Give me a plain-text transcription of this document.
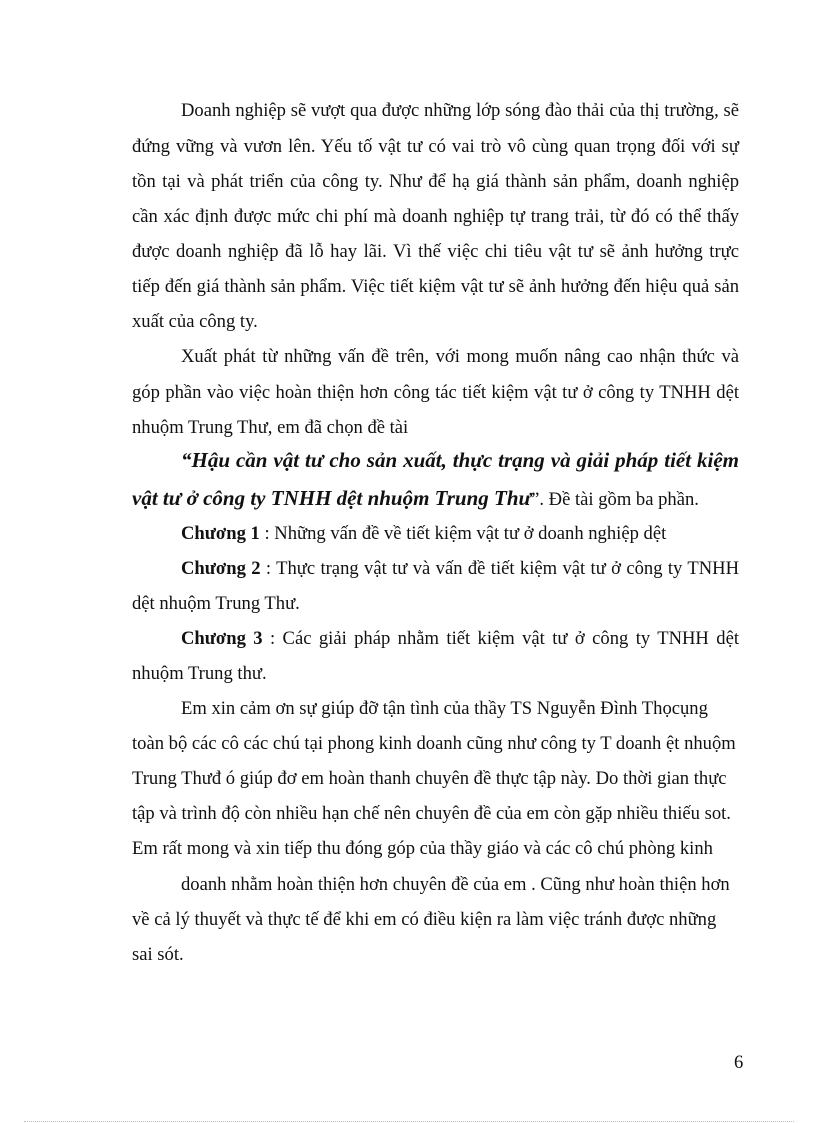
Doanh nghiệp sẽ vượt qua được những lớp sóng đào thải của thị trường, sẽ

đứng vững và vươn lên. Yếu tố vật tư có vai trò vô cùng quan trọng đối với sự

tồn tại và phát triển của công ty. Như để hạ giá thành sản phẩm, doanh nghiệp

cần xác định được mức chi phí mà doanh nghiệp tự trang trải, từ đó có thể thấy

được doanh nghiệp đã lỗ hay lãi. Vì thế việc chi tiêu vật tư sẽ ảnh hưởng trực

tiếp đến giá thành sản phẩm. Việc tiết kiệm vật tư sẽ ảnh hưởng đến hiệu quả sản

xuất của công ty.

Xuất phát từ những vấn đề trên, với mong muốn nâng cao nhận thức và

góp phần vào việc hoàn thiện hơn công tác tiết kiệm vật tư ở công ty TNHH dệt

nhuộm Trung Thư, em đã chọn đề tài

“Hậu cần vật tư cho sản xuất, thực trạng và giải pháp tiết kiệm

vật tư ở công ty TNHH dệt nhuộm Trung Thư”. Đề tài gồm ba phần.

Chương 1 : Những vấn đề về tiết kiệm vật tư ở doanh nghiệp dệt

Chương 2 : Thực trạng vật tư và vấn đề tiết kiệm vật tư ở công ty TNHH

dệt nhuộm Trung Thư.

Chương 3 : Các giải pháp nhằm tiết kiệm vật tư ở công ty TNHH dệt

nhuộm Trung thư.

Em xin cảm ơn sự giúp đỡ tận tình của thầy TS Nguyễn Đình Thọcụng

toàn bộ các cô các chú tại phong kinh doanh cũng như công ty T doanh ệt nhuộm

Trung Thưđ ó giúp đơ em hoàn thanh chuyên đề thực tập này. Do thời gian thực

tập và trình độ còn nhiều hạn chế nên chuyên đề của em còn gặp nhiều thiếu sot.

Em rất mong và xin tiếp thu đóng góp của thầy giáo và các cô chú phòng kinh

doanh nhằm hoàn thiện hơn chuyên đề của em . Cũng như hoàn thiện hơn

về cả lý thuyết và thực tế để khi em có điều kiện ra làm việc tránh được những

sai sót.

6
